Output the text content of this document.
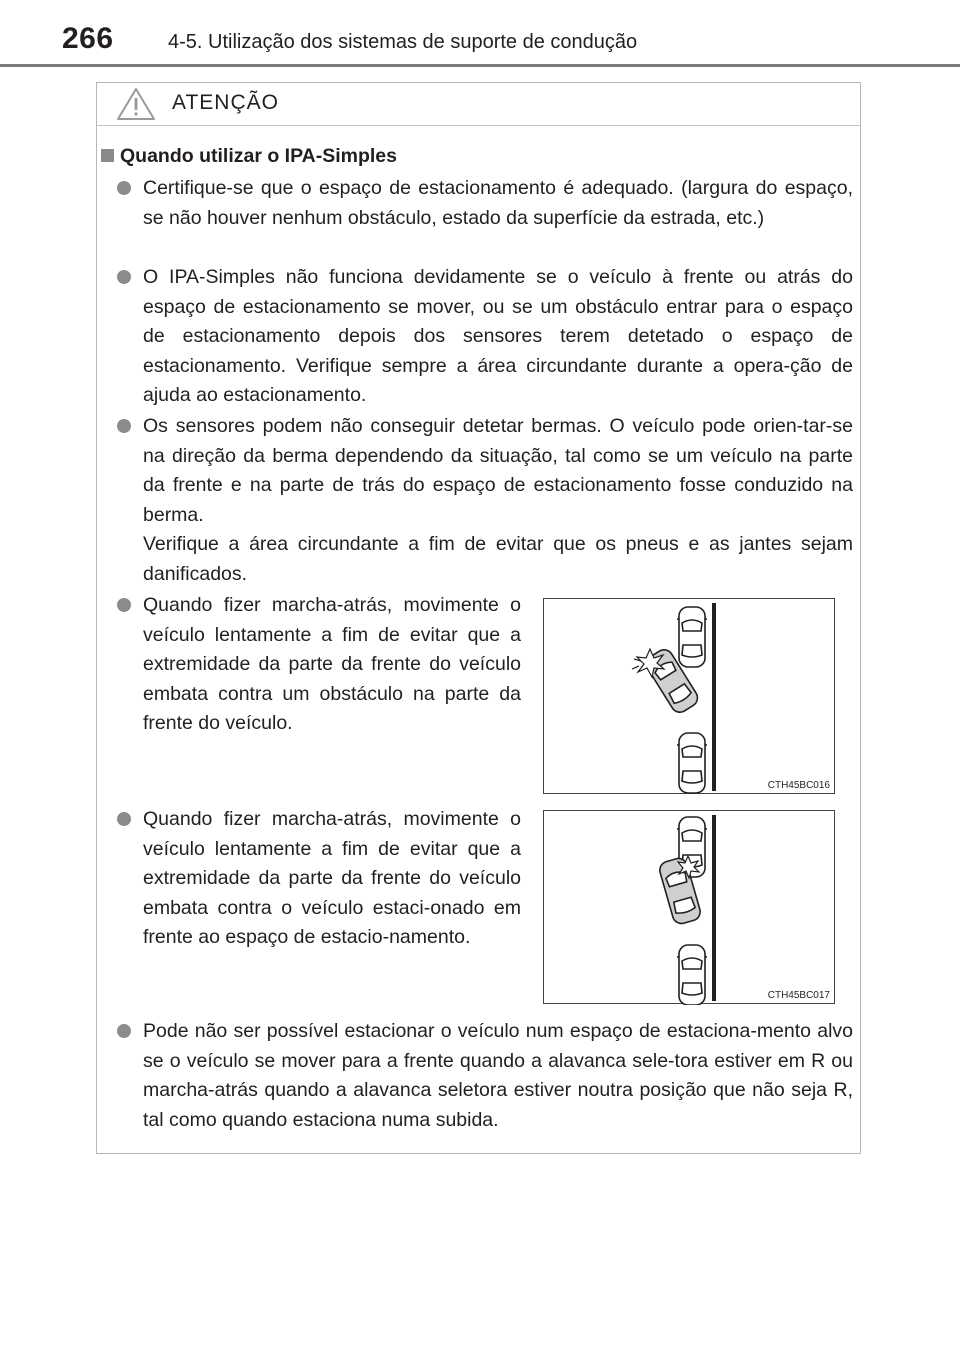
266	4-5. Utilização dos sistemas de suporte de condução
ATENÇÃO
Quando utilizar o IPA-Simples

Certifique-se que o espaço de estacionamento é adequado. (largura do espaço, se não houver nenhum obstáculo, estado da superfície da estrada, etc.)

O IPA-Simples não funciona devidamente se o veículo à frente ou atrás do espaço de estacionamento se mover, ou se um obstáculo entrar para o espaço de estacionamento depois dos sensores terem detetado o espaço de estacionamento. Verifique sempre a área circundante durante a opera-ção de ajuda ao estacionamento.

Os sensores podem não conseguir detetar bermas. O veículo pode orien-tar-se na direção da berma dependendo da situação, tal como se um veículo na parte da frente e na parte de trás do espaço de estacionamento fosse conduzido na berma.

Verifique a área circundante a fim de evitar que os pneus e as jantes sejam danificados.

Quando fizer marcha-atrás, movimente o veículo lentamente a fim de evitar que a extremidade da parte da frente do veículo embata contra um obstáculo na parte da frente do veículo.

Quando fizer marcha-atrás, movimente o veículo lentamente a fim de evitar que a extremidade da parte da frente do veículo embata contra o veículo estaci-onado em frente ao espaço de estacio-namento.

Pode não ser possível estacionar o veículo num espaço de estaciona-mento alvo se o veículo se mover para a frente quando a alavanca sele-tora estiver em R ou marcha-atrás quando a alavanca seletora estiver noutra posição que não seja R, tal como quando estaciona numa subida.

CTH45BC016
CTH45BC017
